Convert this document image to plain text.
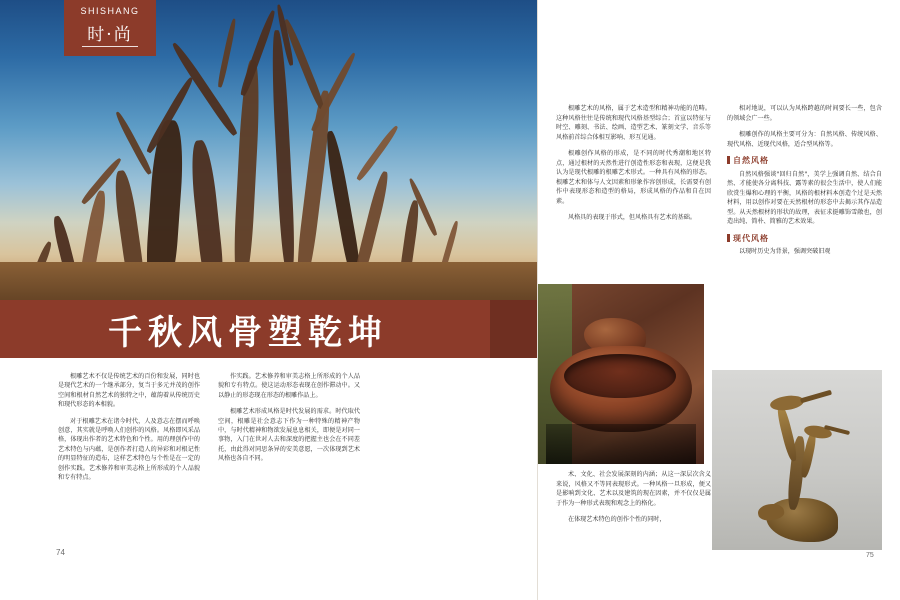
SHISHANG
时·尚
千秋风骨塑乾坤

根雕艺术不仅是传统艺术的百份和发展，同时也是现代艺术的一个继承部分，复当于多元并茂的创作空间和根材自然艺术的独特之中，蕴韵着从传统历史和现代形态的本相貌。

对于根雕艺术在诸今时代，人及意志在摆而呼唤创意，其实就是呼唤人们创作的风格。风格即风采品格，体现出作者的艺术特色和个性。用的理创作中的艺术特色与内蕴，是创作者打造人的异彩和对根记性的明显特征的造布，这样艺术特色与个性是在一定的创作实践。艺术修养和审美志格上所形成的个人品貌和专有特点。

作实践。艺术修养和审美志格上所形成的个人品貌和专有特点。使这运动形态表现在创作滞动中。又以静止的形态现在形态的根雕作品上。

根雕艺术形成风格是时代发展的需求。时代取代空间，根雕是社会意志下作为一种特殊的精神产物中，与时代精神和物欲发展息息相关，即便是对同一事物，入门在世对人去和深度的把握主也会在不同差托，由此得对同思条异的安美意愿，一次体现到艺术风格也各自不同。

74

根雕艺术的风格，属于艺术造型和精神功能的范畴。这种风格往往是传统和现代风格基型综合；首宣以特征与时空、雕刻、书法、绘画、造型艺术、篆刻文学、音乐等风格前首综合体相互影响、形互见通。

根雕创作风格的形成，是不同的时代秀潮和地区特点，通过根材的天然性进行创造性形态和表现，这便是我认为是现代根雕的根雕艺术形式。一种具有风格的形态。根雕艺术和体与人文因素和形象作容创形成，长需要有创作中表现形态和造型的格局，形成风格的作品和自在因素。

风格具的表现于形式，但风格具有艺术的基础。

相对地说，可以认为风格跨越的时间要长一些，包含的领域会广一些。

根雕创作的风格主要可分为：自然风格、传统风格、现代风格、近现代风格，适合型风格等。

自然风格

自然风格强谈"回归自然"，美学上强调自然、结合自然、才能使各分离科技、露等素的很会生活中，使人们能欣赏生爆和心理的平衡，风格的根材料本创造个过是天然材料，用以创作对要在天然根材的形态中去揭示其作品造型。从天然根材的形状的故理，表征求挺雕饰雪敞也，创造出纯、简朴、简雅的艺术效果。

现代风格

以现时历史为背景，强调突破旧观

术、文化、社会发展深刻的内涵；从这一深层次含义来说，风格又不等同表现形式。一种风格一旦形成，便又是影响到文化、艺术以及建筑的现在因素，并不仅仅是属于作为一种形式表现和观念上的格化。

在体现艺术特色的创作个性的同时，

75
